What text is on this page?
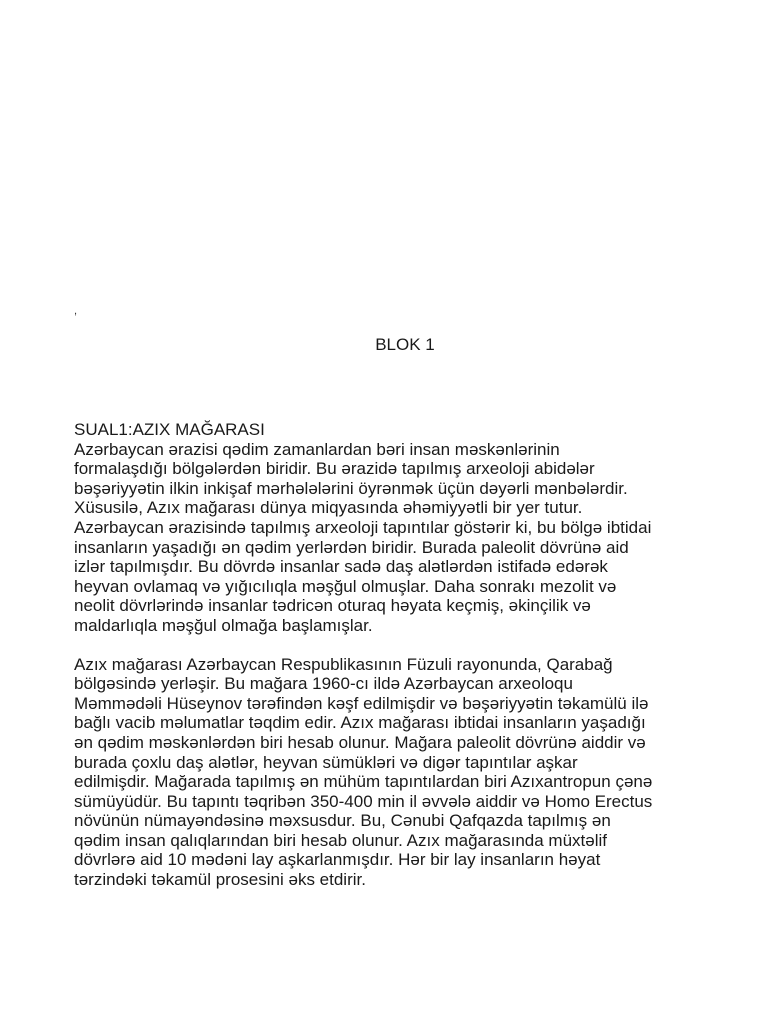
,
BLOK 1
SUAL1:AZIX MAĞARASI
Azərbaycan ərazisi qədim zamanlardan bəri insan məskənlərinin
formalaşdığı bölgələrdən biridir. Bu ərazidə tapılmış arxeoloji abidələr
bəşəriyyətin ilkin inkişaf mərhələlərini öyrənmək üçün dəyərli mənbələrdir.
Xüsusilə, Azıx mağarası dünya miqyasında əhəmiyyətli bir yer tutur.
Azərbaycan ərazisində tapılmış arxeoloji tapıntılar göstərir ki, bu bölgə ibtidai
insanların yaşadığı ən qədim yerlərdən biridir. Burada paleolit dövrünə aid
izlər tapılmışdır. Bu dövrdə insanlar sadə daş alətlərdən istifadə edərək
heyvan ovlamaq və yığıcılıqla məşğul olmuşlar. Daha sonrakı mezolit və
neolit dövrlərində insanlar tədricən oturaq həyata keçmiş, əkinçilik və
maldarlıqla məşğul olmağa başlamışlar.
Azıx mağarası Azərbaycan Respublikasının Füzuli rayonunda, Qarabağ
bölgəsində yerləşir. Bu mağara 1960-cı ildə Azərbaycan arxeoloqu
Məmmədəli Hüseynov tərəfindən kəşf edilmişdir və bəşəriyyətin təkamülü ilə
bağlı vacib məlumatlar təqdim edir. Azıx mağarası ibtidai insanların yaşadığı
ən qədim məskənlərdən biri hesab olunur. Mağara paleolit dövrünə aiddir və
burada çoxlu daş alətlər, heyvan sümükləri və digər tapıntılar aşkar
edilmişdir. Mağarada tapılmış ən mühüm tapıntılardan biri Azıxantropun çənə
sümüyüdür. Bu tapıntı təqribən 350-400 min il əvvələ aiddir və Homo Erectus
növünün nümayəndəsinə məxsusdur. Bu, Cənubi Qafqazda tapılmış ən
qədim insan qalıqlarından biri hesab olunur. Azıx mağarasında müxtəlif
dövrlərə aid 10 mədəni lay aşkarlanmışdır. Hər bir lay insanların həyat
tərzindəki təkamül prosesini əks etdirir.
